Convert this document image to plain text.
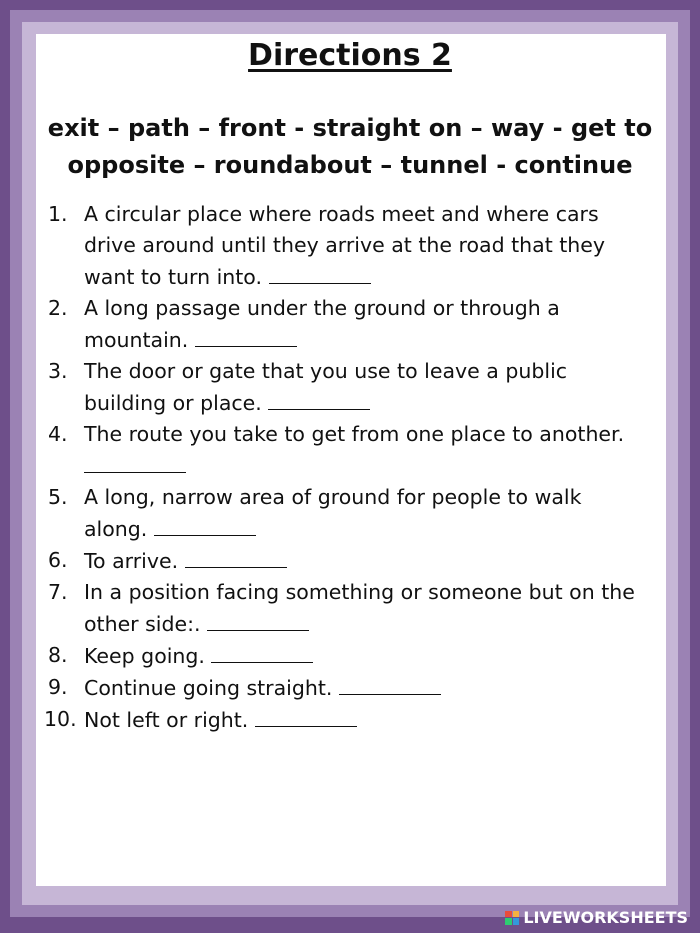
Directions 2
exit – path – front - straight on – way - get to
opposite – roundabout – tunnel - continue
1. A circular place where roads meet and where cars
drive around until they arrive at the road that they
want to turn into.
2. A long passage under the ground or through a
mountain.
3. The door or gate that you use to leave a public
building or place.
4. The route you take to get from one place to another.
5. A long, narrow area of ground for people to walk
along.
6. To arrive.
7. In a position facing something or someone but on the
other side:.
8. Keep going.
9. Continue going straight.
10. Not left or right.
LIVEWORKSHEETS
